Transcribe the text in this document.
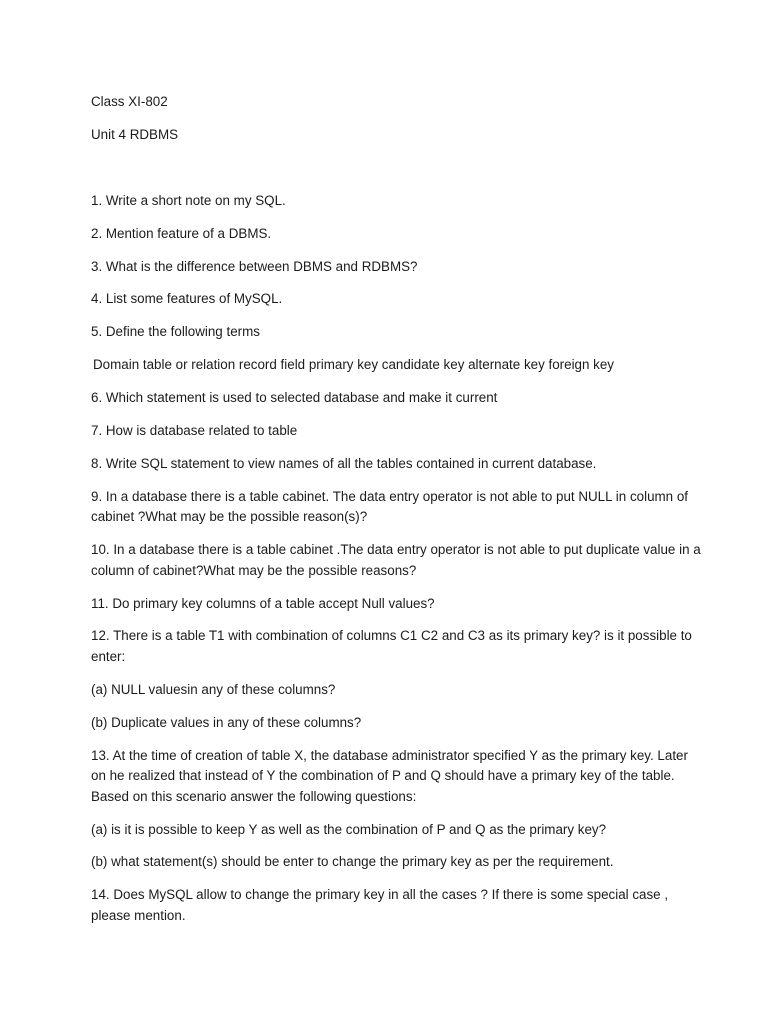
Class XI-802

Unit 4 RDBMS

1. Write a short note on my SQL.

2. Mention feature of a DBMS.

3. What is the difference between DBMS and RDBMS?

4. List some features of MySQL.

5. Define the following terms

Domain table or relation record field primary key candidate key alternate key foreign key

6. Which statement is used to selected database and make it current

7. How is database related to table

8. Write SQL statement to view names of all the tables contained in current database.

9. In a database there is a table cabinet. The data entry operator is not able to put NULL in column of cabinet ?What may be the possible reason(s)?

10. In a database there is a table cabinet .The data entry operator is not able to put duplicate value in a column of cabinet?What may be the possible reasons?

11. Do primary key columns of a table accept Null values?

12. There is a table T1 with combination of columns C1 C2 and C3 as its primary key? is it possible to enter:

(a) NULL valuesin any of these columns?

(b) Duplicate values in any of these columns?

13. At the time of creation of table X, the database administrator specified Y as the primary key. Later on he realized that instead of Y the combination of P and Q should have a primary key of the table. Based on this scenario answer the following questions:

(a) is it is possible to keep Y as well as the combination of P and Q as the primary key?

(b) what statement(s) should be enter to change the primary key as per the requirement.

14. Does MySQL allow to change the primary key in all the cases ? If there is some special case , please mention.
